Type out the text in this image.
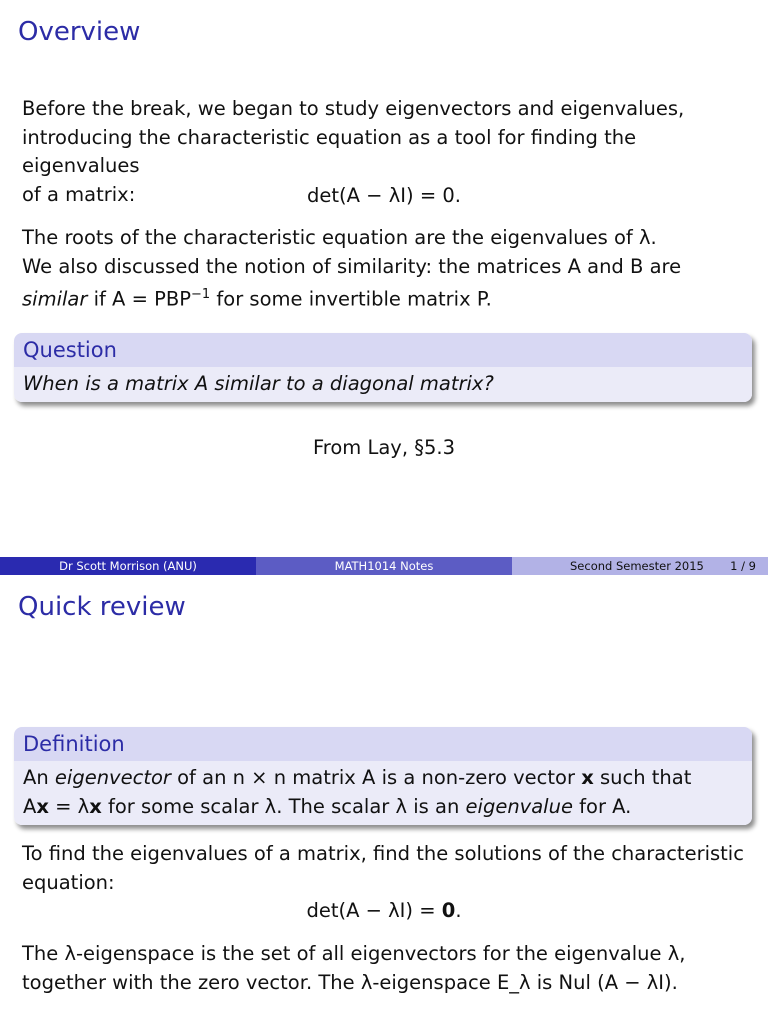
Overview
Before the break, we began to study eigenvectors and eigenvalues,
introducing the characteristic equation as a tool for finding the eigenvalues
of a matrix:	det(A − λI) = 0.
The roots of the characteristic equation are the eigenvalues of λ.
We also discussed the notion of similarity: the matrices A and B are
similar if $A = PBP^{-1}$ for some invertible matrix P.
Question
When is a matrix A similar to a diagonal matrix?
From Lay, §5.3
Dr Scott Morrison (ANU)	MATH1014 Notes	Second Semester 2015 1 / 9
Quick review
Definition
An eigenvector of an n × n matrix A is a non-zero vector x such that
Ax = λx for some scalar λ. The scalar λ is an eigenvalue for A.
To find the eigenvalues of a matrix, find the solutions of the characteristic
equation:
det(A − λI) = 0.
The λ-eigenspace is the set of all eigenvectors for the eigenvalue λ,
together with the zero vector. The λ-eigenspace E_λ is Nul (A − λI).
